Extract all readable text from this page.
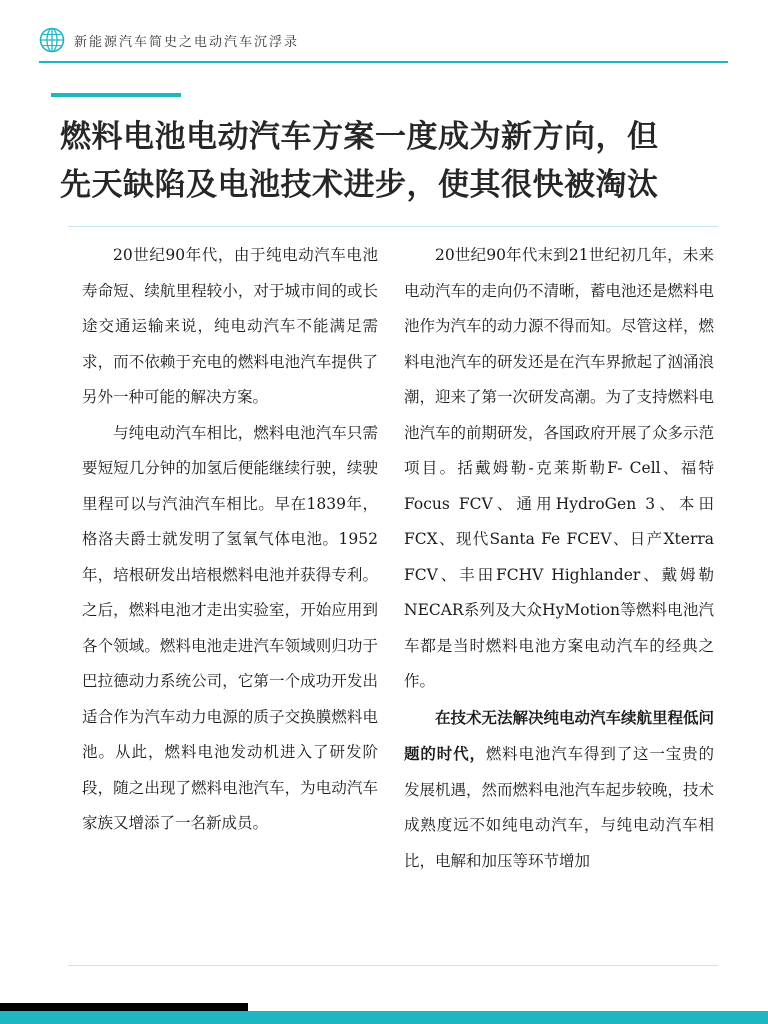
新能源汽车简史之电动汽车沉浮录
燃料电池电动汽车方案一度成为新方向，但
先天缺陷及电池技术进步，使其很快被淘汰

20世纪90年代，由于纯电动汽车电池寿命短、续航里程较小，对于城市间的或长途交通运输来说，纯电动汽车不能满足需求，而不依赖于充电的燃料电池汽车提供了另外一种可能的解决方案。

与纯电动汽车相比，燃料电池汽车只需要短短几分钟的加氢后便能继续行驶，续驶里程可以与汽油汽车相比。早在1839年，格洛夫爵士就发明了氢氧气体电池。1952年，培根研发出培根燃料电池并获得专利。之后，燃料电池才走出实验室，开始应用到各个领域。燃料电池走进汽车领域则归功于巴拉德动力系统公司，它第一个成功开发出适合作为汽车动力电源的质子交换膜燃料电池。从此，燃料电池发动机进入了研发阶段，随之出现了燃料电池汽车，为电动汽车家族又增添了一名新成员。

20世纪90年代末到21世纪初几年，未来电动汽车的走向仍不清晰，蓄电池还是燃料电池作为汽车的动力源不得而知。尽管这样，燃料电池汽车的研发还是在汽车界掀起了汹涌浪潮，迎来了第一次研发高潮。为了支持燃料电池汽车的前期研发，各国政府开展了众多示范项目。括戴姆勒-克莱斯勒F- Cell、福特Focus FCV、通用HydroGen 3、本田FCX、现代Santa Fe FCEV、日产Xterra FCV、丰田FCHV Highlander、戴姆勒NECAR系列及大众HyMotion等燃料电池汽车都是当时燃料电池方案电动汽车的经典之作。

在技术无法解决纯电动汽车续航里程低问题的时代，燃料电池汽车得到了这一宝贵的发展机遇，然而燃料电池汽车起步较晚，技术成熟度远不如纯电动汽车，与纯电动汽车相比，电解和加压等环节增加
